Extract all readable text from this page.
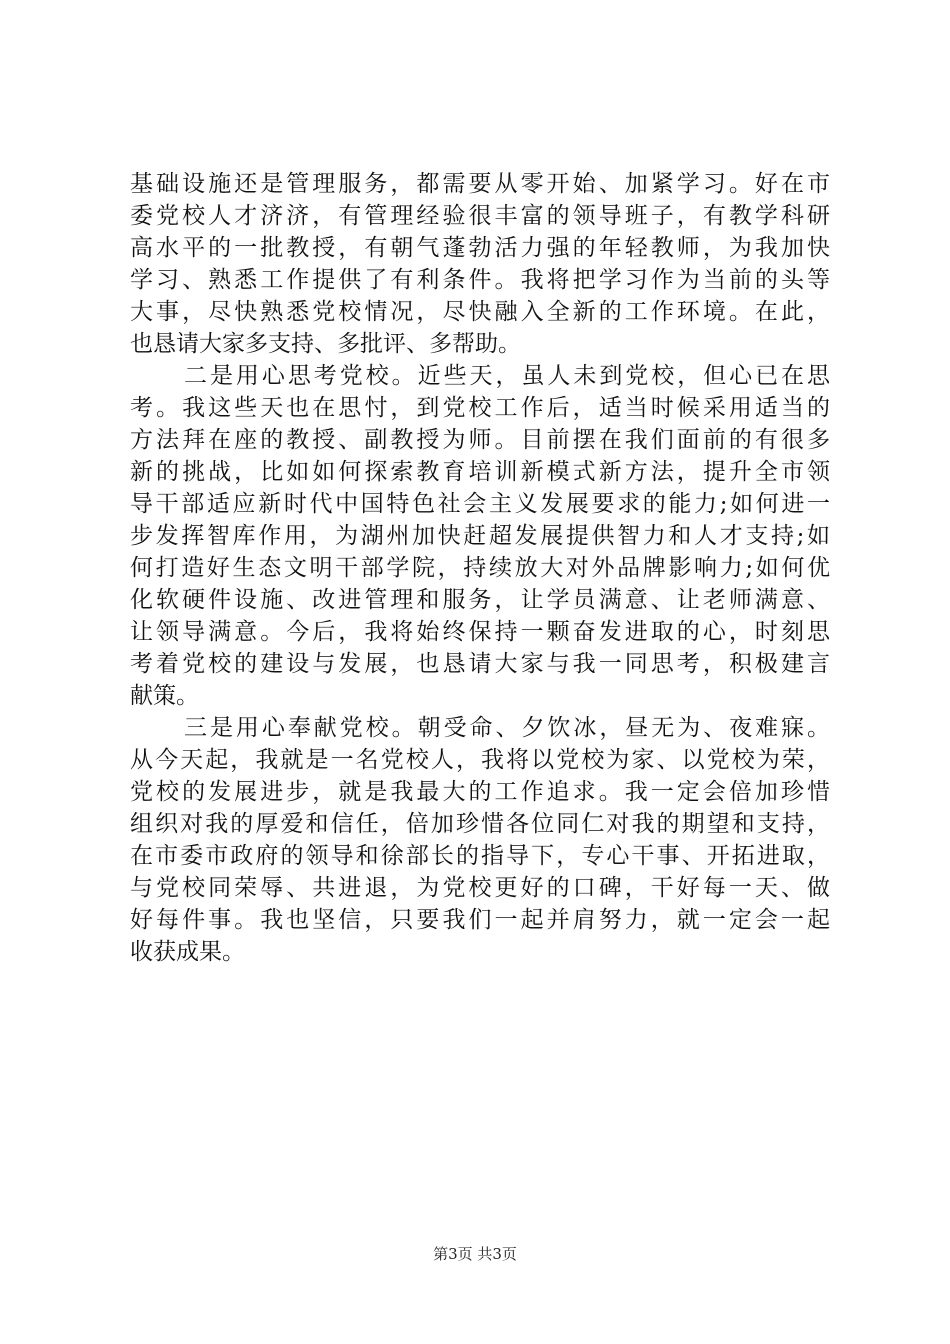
基础设施还是管理服务，都需要从零开始、加紧学习。好在市
委党校人才济济，有管理经验很丰富的领导班子，有教学科研
高水平的一批教授，有朝气蓬勃活力强的年轻教师，为我加快
学习、熟悉工作提供了有利条件。我将把学习作为当前的头等
大事，尽快熟悉党校情况，尽快融入全新的工作环境。在此，
也恳请大家多支持、多批评、多帮助。
二是用心思考党校。近些天，虽人未到党校，但心已在思
考。我这些天也在思忖，到党校工作后，适当时候采用适当的
方法拜在座的教授、副教授为师。目前摆在我们面前的有很多
新的挑战，比如如何探索教育培训新模式新方法，提升全市领
导干部适应新时代中国特色社会主义发展要求的能力;如何进一
步发挥智库作用，为湖州加快赶超发展提供智力和人才支持;如
何打造好生态文明干部学院，持续放大对外品牌影响力;如何优
化软硬件设施、改进管理和服务，让学员满意、让老师满意、
让领导满意。今后，我将始终保持一颗奋发进取的心，时刻思
考着党校的建设与发展，也恳请大家与我一同思考，积极建言
献策。
三是用心奉献党校。朝受命、夕饮冰，昼无为、夜难寐。
从今天起，我就是一名党校人，我将以党校为家、以党校为荣，
党校的发展进步，就是我最大的工作追求。我一定会倍加珍惜
组织对我的厚爱和信任，倍加珍惜各位同仁对我的期望和支持，
在市委市政府的领导和徐部长的指导下，专心干事、开拓进取，
与党校同荣辱、共进退，为党校更好的口碑，干好每一天、做
好每件事。我也坚信，只要我们一起并肩努力，就一定会一起
收获成果。
第3页 共3页
